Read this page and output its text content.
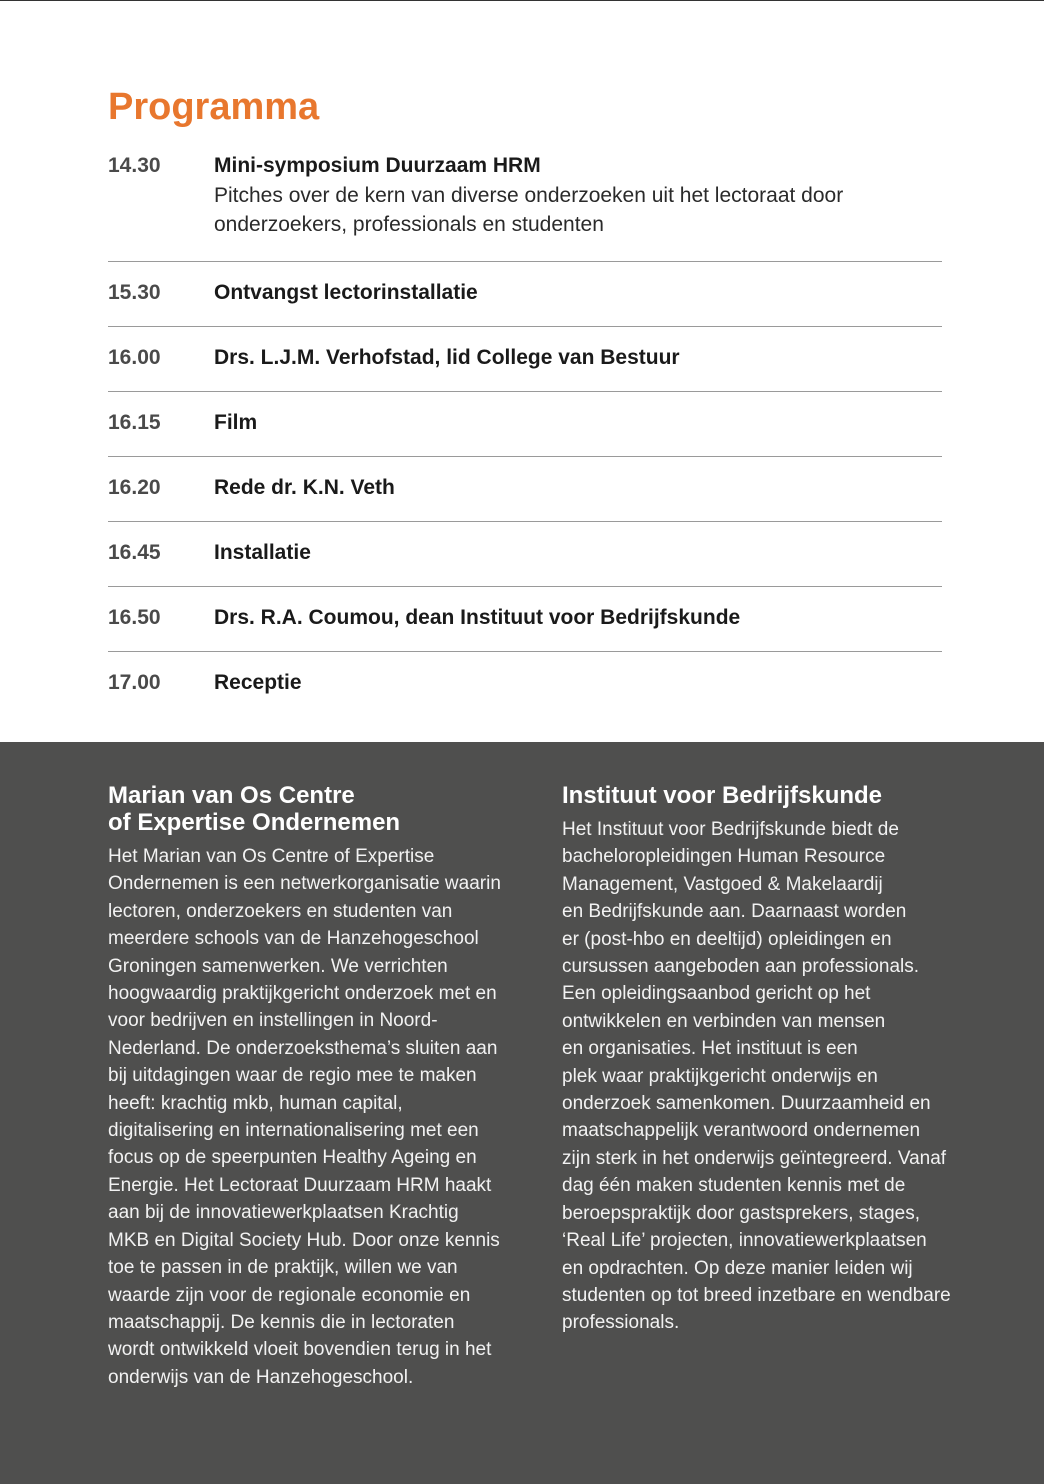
Programma
14.30	Mini-symposium Duurzaam HRM
Pitches over de kern van diverse onderzoeken uit het lectoraat door onderzoekers, professionals en studenten
15.30	Ontvangst lectorinstallatie
16.00	Drs. L.J.M. Verhofstad, lid College van Bestuur
16.15	Film
16.20	Rede dr. K.N. Veth
16.45	Installatie
16.50	Drs. R.A. Coumou, dean Instituut voor Bedrijfskunde
17.00	Receptie
Marian van Os Centre
of Expertise Ondernemen

Het Marian van Os Centre of Expertise
Ondernemen is een netwerkorganisatie waarin
lectoren, onderzoekers en studenten van
meerdere schools van de Hanzehogeschool
Groningen samenwerken. We verrichten
hoogwaardig praktijkgericht onderzoek met en
voor bedrijven en instellingen in Noord-
Nederland. De onderzoeksthema’s sluiten aan
bij uitdagingen waar de regio mee te maken
heeft: krachtig mkb, human capital,
digitalisering en internationalisering met een
focus op de speerpunten Healthy Ageing en
Energie. Het Lectoraat Duurzaam HRM haakt
aan bij de innovatiewerkplaatsen Krachtig
MKB en Digital Society Hub. Door onze kennis
toe te passen in de praktijk, willen we van
waarde zijn voor de regionale economie en
maatschappij. De kennis die in lectoraten
wordt ontwikkeld vloeit bovendien terug in het
onderwijs van de Hanzehogeschool.

Instituut voor Bedrijfskunde

Het Instituut voor Bedrijfskunde biedt de
bacheloropleidingen Human Resource
Management, Vastgoed & Makelaardij
en Bedrijfskunde aan. Daarnaast worden
er (post-hbo en deeltijd) opleidingen en
cursussen aangeboden aan professionals.
Een opleidingsaanbod gericht op het
ontwikkelen en verbinden van mensen
en organisaties. Het instituut is een
plek waar praktijkgericht onderwijs en
onderzoek samenkomen. Duurzaamheid en
maatschappelijk verantwoord ondernemen
zijn sterk in het onderwijs geïntegreerd. Vanaf
dag één maken studenten kennis met de
beroepspraktijk door gastsprekers, stages,
‘Real Life’ projecten, innovatiewerkplaatsen
en opdrachten. Op deze manier leiden wij
studenten op tot breed inzetbare en wendbare
professionals.
